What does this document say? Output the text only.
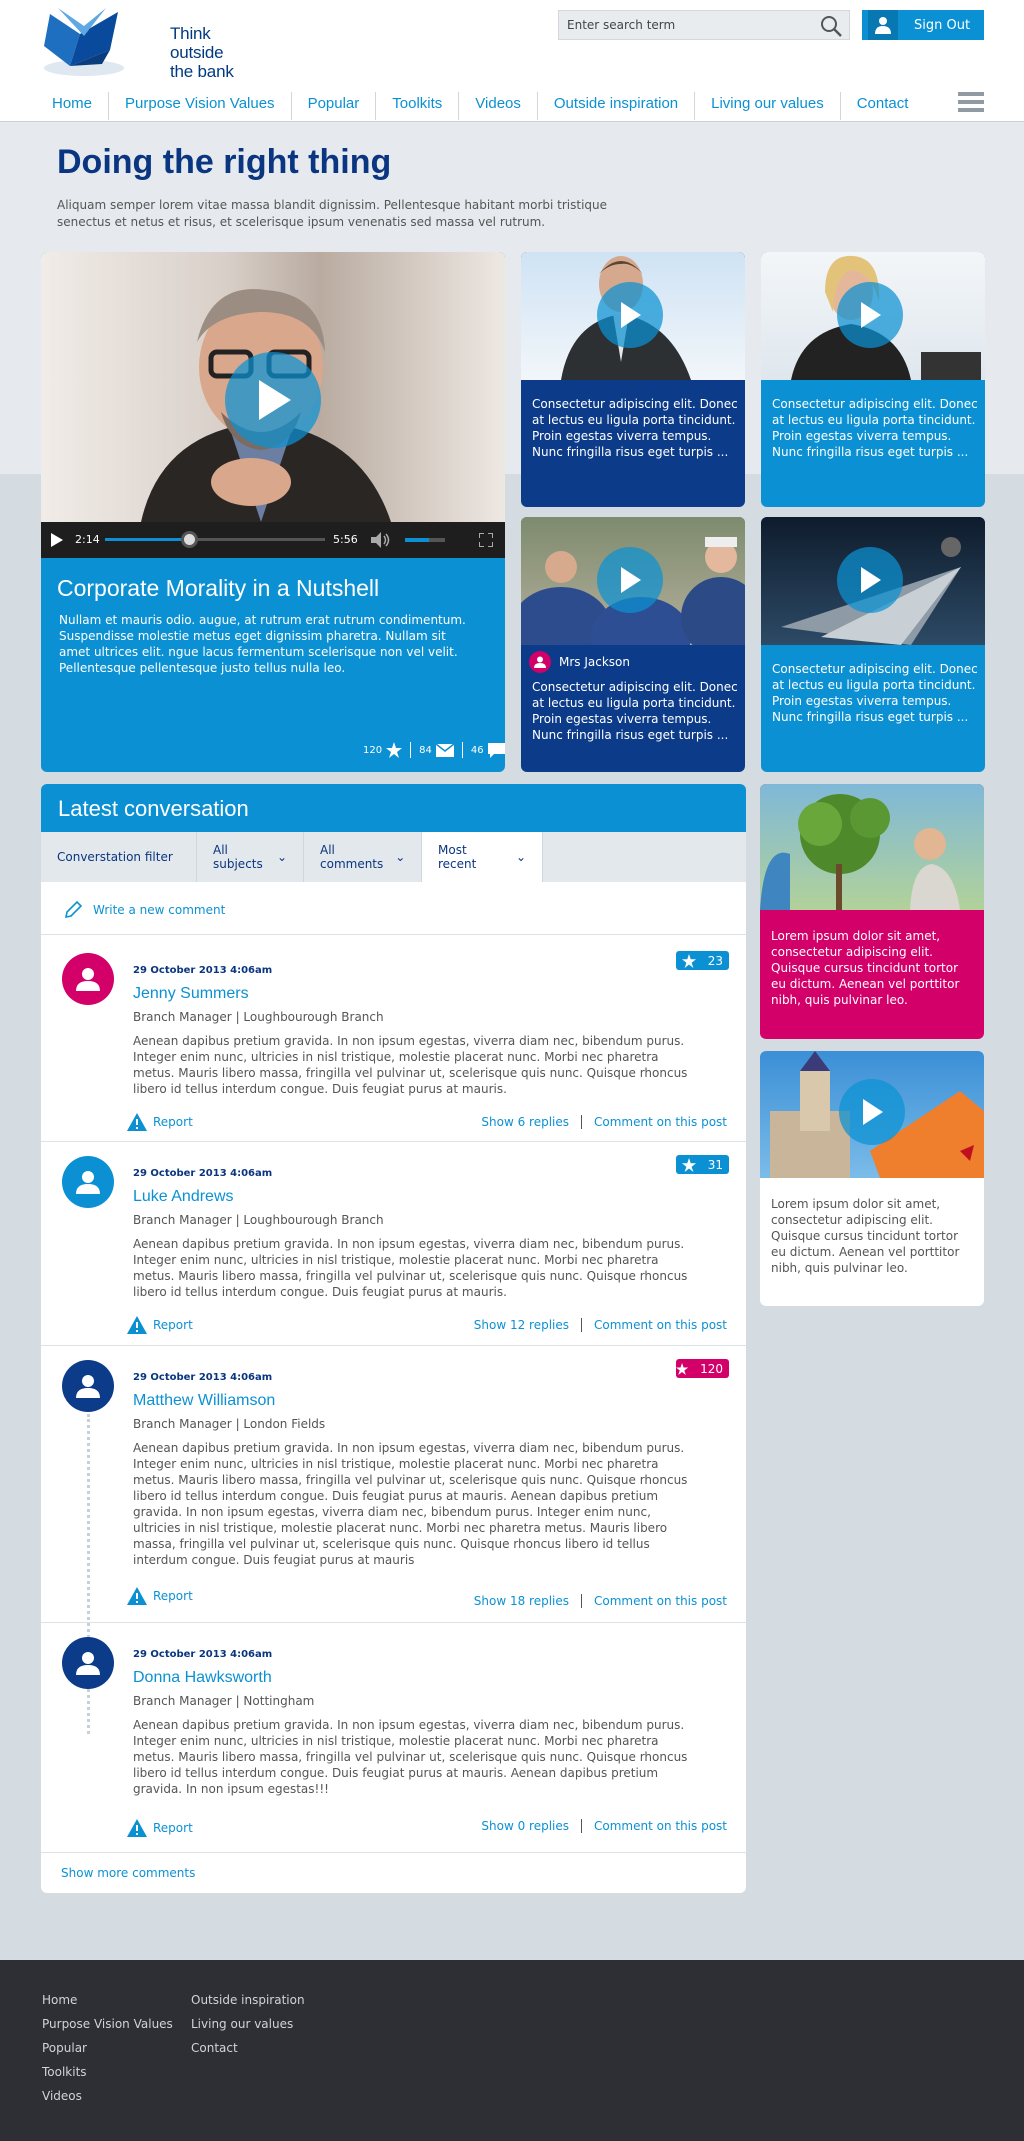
Think outside
the bank
Enter search term
Sign Out
Home	Purpose Vision Values	Popular	Toolkits	Videos	Outside inspiration	Living our values	Contact
Doing the right thing

Aliquam semper lorem vitae massa blandit dignissim. Pellentesque habitant morbi tristique senectus et netus et risus, et scelerisque ipsum venenatis sed massa vel rutrum.

2:14	5:56
Corporate Morality in a Nutshell
Nullam et mauris odio. augue, at rutrum erat rutrum condimentum. Suspendisse molestie metus eget dignissim pharetra. Nullam sit amet ultrices elit. ngue lacus fermentum scelerisque non vel velit. Pellentesque pellentesque justo tellus nulla leo.
120	84	46
Consectetur adipiscing elit. Donec at lectus eu ligula porta tincidunt. Proin egestas viverra tempus. Nunc fringilla risus eget turpis ...
Consectetur adipiscing elit. Donec at lectus eu ligula porta tincidunt. Proin egestas viverra tempus. Nunc fringilla risus eget turpis ...
Mrs Jackson
Consectetur adipiscing elit. Donec at lectus eu ligula porta tincidunt. Proin egestas viverra tempus. Nunc fringilla risus eget turpis ...
Consectetur adipiscing elit. Donec at lectus eu ligula porta tincidunt. Proin egestas viverra tempus. Nunc fringilla risus eget turpis ...
Latest conversation
Converstation filter	All subjects ⌄	All comments ⌄	Most recent	⌄
Write a new comment
29 October 2013 4:06am
Jenny Summers
Branch Manager | Loughbourough Branch
Aenean dapibus pretium gravida. In non ipsum egestas, viverra diam nec, bibendum purus. Integer enim nunc, ultricies in nisl tristique, molestie placerat nunc. Morbi nec pharetra metus. Mauris libero massa, fringilla vel pulvinar ut, scelerisque quis nunc. Quisque rhoncus libero id tellus interdum congue. Duis feugiat purus at mauris.
23
Report	Show 6 replies	Comment on this post
29 October 2013 4:06am
Luke Andrews
Branch Manager | Loughbourough Branch
Aenean dapibus pretium gravida. In non ipsum egestas, viverra diam nec, bibendum purus. Integer enim nunc, ultricies in nisl tristique, molestie placerat nunc. Morbi nec pharetra metus. Mauris libero massa, fringilla vel pulvinar ut, scelerisque quis nunc. Quisque rhoncus libero id tellus interdum congue. Duis feugiat purus at mauris.
31
Report	Show 12 replies	Comment on this post
29 October 2013 4:06am
Matthew Williamson
Branch Manager | London Fields
Aenean dapibus pretium gravida. In non ipsum egestas, viverra diam nec, bibendum purus. Integer enim nunc, ultricies in nisl tristique, molestie placerat nunc. Morbi nec pharetra metus. Mauris libero massa, fringilla vel pulvinar ut, scelerisque quis nunc. Quisque rhoncus libero id tellus interdum congue. Duis feugiat purus at mauris. Aenean dapibus pretium gravida. In non ipsum egestas, viverra diam nec, bibendum purus. Integer enim nunc, ultricies in nisl tristique, molestie placerat nunc. Morbi nec pharetra metus. Mauris libero massa, fringilla vel pulvinar ut, scelerisque quis nunc. Quisque rhoncus libero id tellus interdum congue. Duis feugiat purus at mauris
120
Report	Show 18 replies	Comment on this post
29 October 2013 4:06am
Donna Hawksworth
Branch Manager | Nottingham
Aenean dapibus pretium gravida. In non ipsum egestas, viverra diam nec, bibendum purus. Integer enim nunc, ultricies in nisl tristique, molestie placerat nunc. Morbi nec pharetra metus. Mauris libero massa, fringilla vel pulvinar ut, scelerisque quis nunc. Quisque rhoncus libero id tellus interdum congue. Duis feugiat purus at mauris. Aenean dapibus pretium gravida. In non ipsum egestas!!!
Report	Show 0 replies	Comment on this post
Show more comments
Lorem ipsum dolor sit amet, consectetur adipiscing elit. Quisque cursus tincidunt tortor eu dictum. Aenean vel porttitor nibh, quis pulvinar leo.
Lorem ipsum dolor sit amet, consectetur adipiscing elit. Quisque cursus tincidunt tortor eu dictum. Aenean vel porttitor nibh, quis pulvinar leo.
Home
Purpose Vision Values
Popular
Toolkits
Videos
Outside inspiration
Living our values
Contact
